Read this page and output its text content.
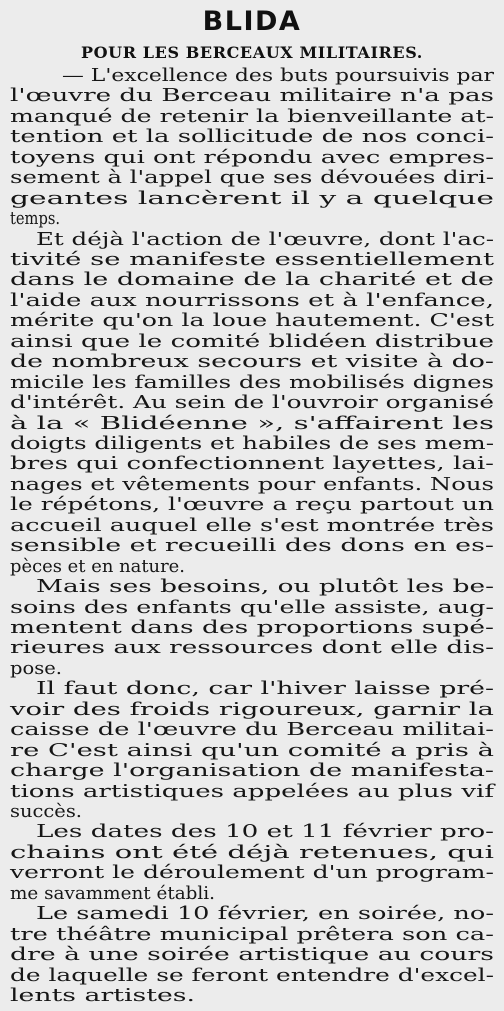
BLIDA
POUR LES BERCEAUX MILITAIRES.
— L'excellence des buts poursuivis par
l'œuvre du Berceau militaire n'a pas
manqué de retenir la bienveillante at-
tention et la sollicitude de nos conci-
toyens qui ont répondu avec empres-
sement à l'appel que ses dévouées diri-
geantes lancèrent il y a quelque
temps.
Et déjà l'action de l'œuvre, dont l'ac-
tivité se manifeste essentiellement
dans le domaine de la charité et de
l'aide aux nourrissons et à l'enfance,
mérite qu'on la loue hautement. C'est
ainsi que le comité blidéen distribue
de nombreux secours et visite à do-
micile les familles des mobilisés dignes
d'intérêt. Au sein de l'ouvroir organisé
à la « Blidéenne », s'affairent les
doigts diligents et habiles de ses mem-
bres qui confectionnent layettes, lai-
nages et vêtements pour enfants. Nous
le répétons, l'œuvre a reçu partout un
accueil auquel elle s'est montrée très
sensible et recueilli des dons en es-
pèces et en nature.
Mais ses besoins, ou plutôt les be-
soins des enfants qu'elle assiste, aug-
mentent dans des proportions supé-
rieures aux ressources dont elle dis-
pose.
Il faut donc, car l'hiver laisse pré-
voir des froids rigoureux, garnir la
caisse de l'œuvre du Berceau militai-
re C'est ainsi qu'un comité a pris à
charge l'organisation de manifesta-
tions artistiques appelées au plus vif
succès.
Les dates des 10 et 11 février pro-
chains ont été déjà retenues, qui
verront le déroulement d'un program-
me savamment établi.
Le samedi 10 février, en soirée, no-
tre théâtre municipal prêtera son ca-
dre à une soirée artistique au cours
de laquelle se feront entendre d'excel-
lents artistes.
